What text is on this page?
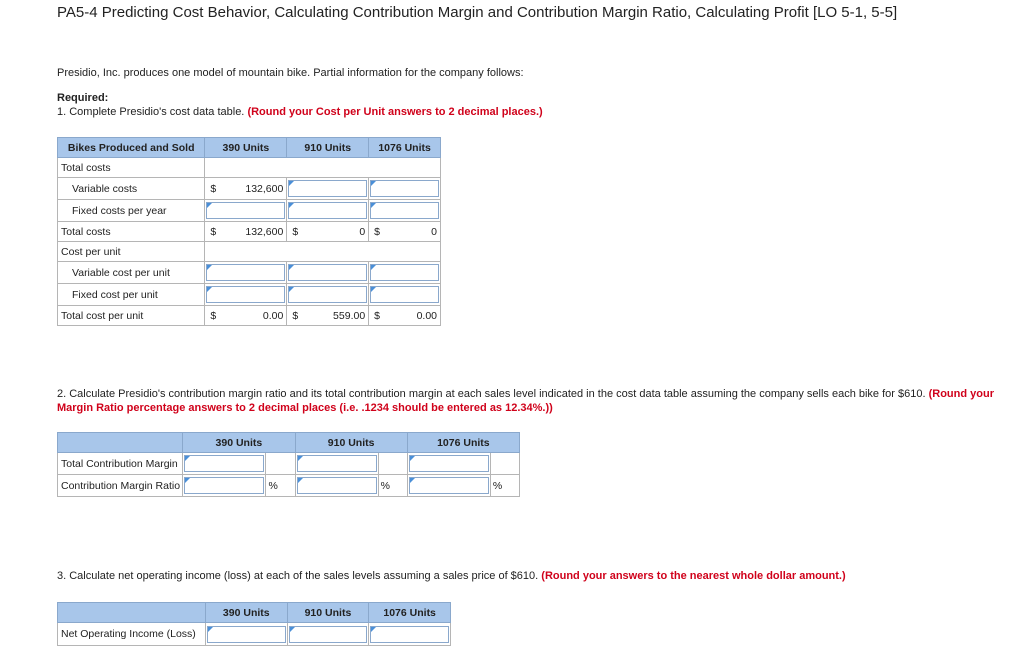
PA5-4 Predicting Cost Behavior, Calculating Contribution Margin and Contribution Margin Ratio, Calculating Profit [LO 5-1, 5-5]
Presidio, Inc. produces one model of mountain bike. Partial information for the company follows:
Required:
1. Complete Presidio's cost data table. (Round your Cost per Unit answers to 2 decimal places.)
Bikes Produced and Sold	390 Units		910 Units		1076 Units	
Total costs						
Variable costs	$	132,600			

Fixed costs per year				

Total costs	$	132,600	$	0	$	0
Cost per unit						
Variable cost per unit				

Fixed cost per unit				

Total cost per unit	$	0.00	$	559.00	$	0.00
2. Calculate Presidio's contribution margin ratio and its total contribution margin at each sales level indicated in the cost data table assuming the company sells each bike for $610. (Round your Margin Ratio percentage answers to 2 decimal places (i.e. .1234 should be entered as 12.34%.))
	390 Units		910 Units		1076 Units	
Total Contribution Margin	

Contribution Margin Ratio		%		%		%
3. Calculate net operating income (loss) at each of the sales levels assuming a sales price of $610. (Round your answers to the nearest whole dollar amount.)
	390 Units	910 Units	1076 Units
Net Operating Income (Loss)	
